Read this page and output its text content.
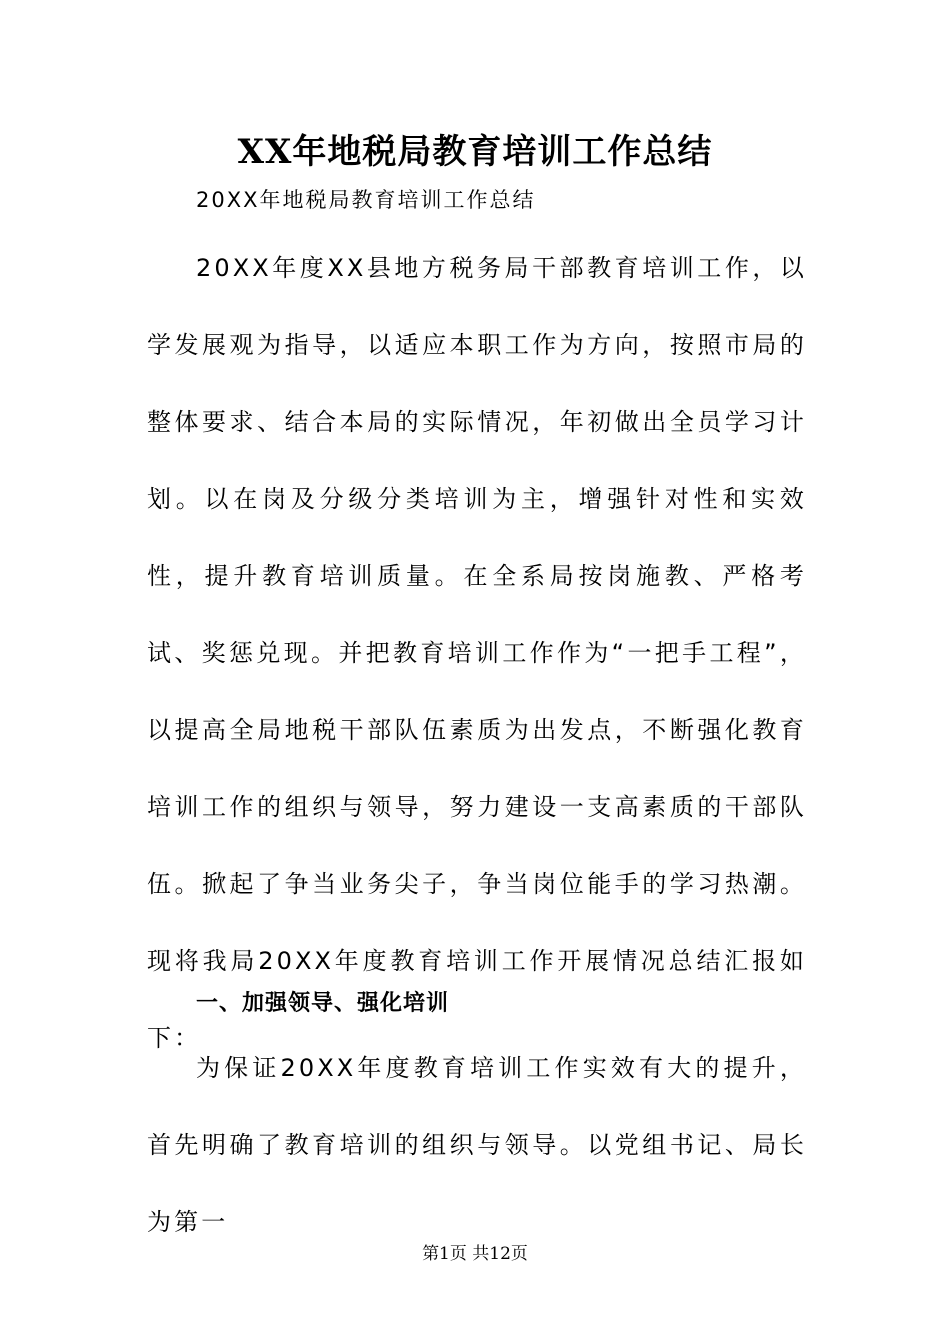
XX年地税局教育培训工作总结
20XX年地税局教育培训工作总结
20XX年度XX县地方税务局干部教育培训工作，以学发展观为指导，以适应本职工作为方向，按照市局的整体要求、结合本局的实际情况，年初做出全员学习计划。以在岗及分级分类培训为主，增强针对性和实效性，提升教育培训质量。在全系局按岗施教、严格考试、奖惩兑现。并把教育培训工作作为“一把手工程”，以提高全局地税干部队伍素质为出发点，不断强化教育培训工作的组织与领导，努力建设一支高素质的干部队伍。掀起了争当业务尖子，争当岗位能手的学习热潮。现将我局20XX年度教育培训工作开展情况总结汇报如下：
一、加强领导、强化培训
为保证20XX年度教育培训工作实效有大的提升，首先明确了教育培训的组织与领导。以党组书记、局长为第一
第1页 共12页
